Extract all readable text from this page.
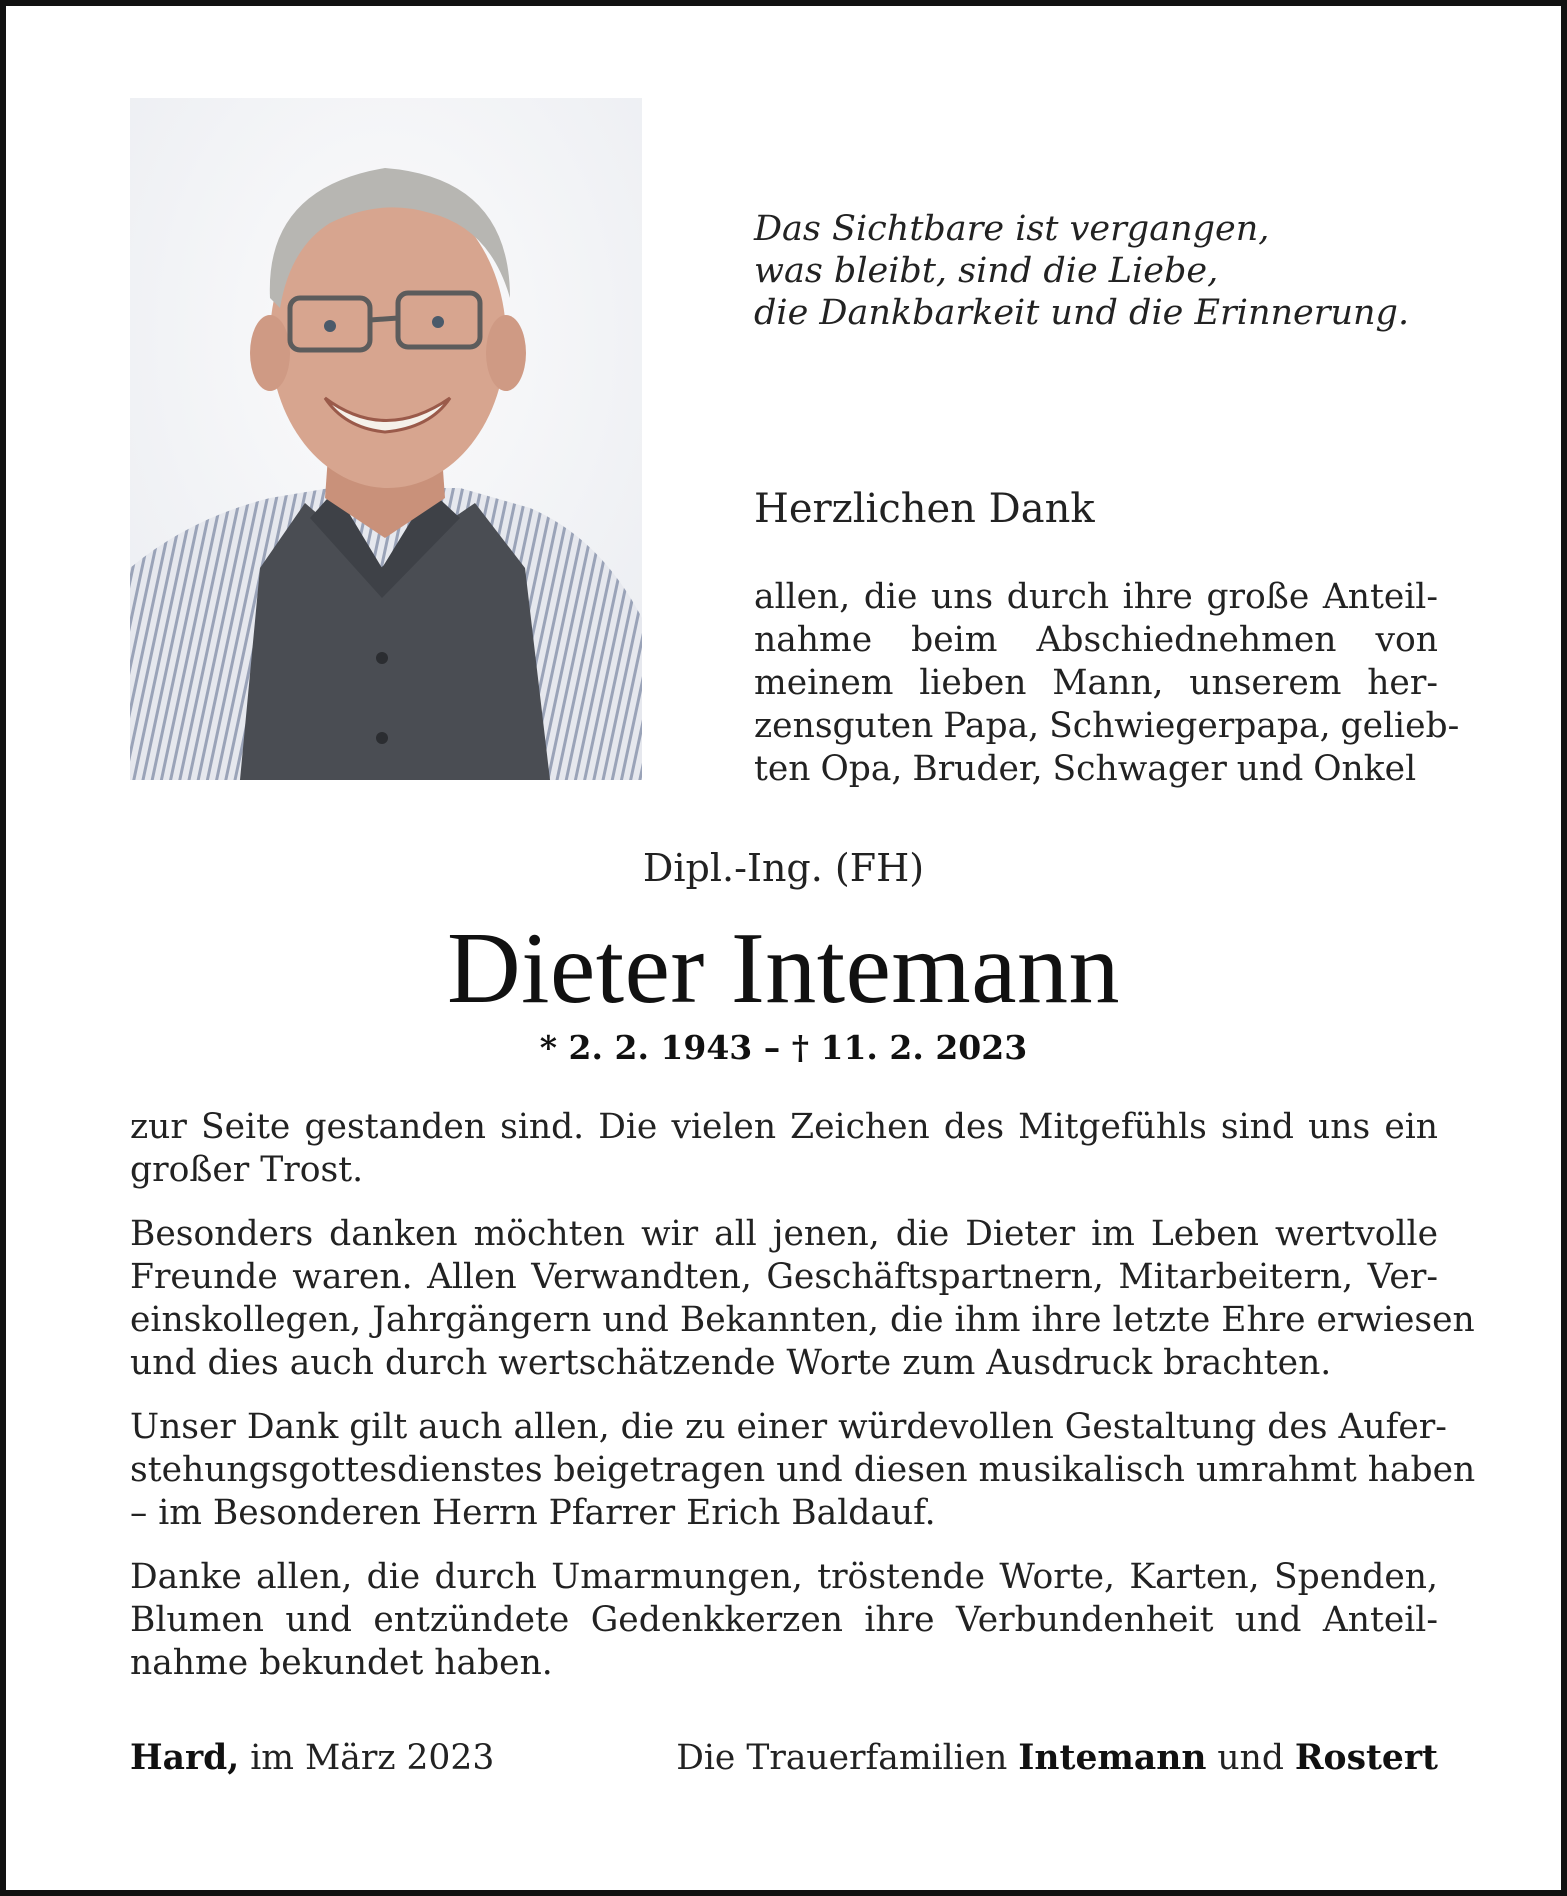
Das Sichtbare ist vergangen,
was bleibt, sind die Liebe,
die Dankbarkeit und die Erinnerung.
Herzlichen Dank
allen, die uns durch ihre große Anteil-
nahme beim Abschiednehmen von
meinem lieben Mann, unserem her-
zensguten Papa, Schwiegerpapa, gelieb-
ten Opa, Bruder, Schwager und Onkel
Dipl.-Ing. (FH)
Dieter Intemann
* 2. 2. 1943 – † 11. 2. 2023

zur Seite gestanden sind. Die vielen Zeichen des Mitgefühls sind uns ein
großer Trost.

Besonders danken möchten wir all jenen, die Dieter im Leben wertvolle
Freunde waren. Allen Verwandten, Geschäftspartnern, Mitarbeitern, Ver-
einskollegen, Jahrgängern und Bekannten, die ihm ihre letzte Ehre erwiesen
und dies auch durch wertschätzende Worte zum Ausdruck brachten.

Unser Dank gilt auch allen, die zu einer würdevollen Gestaltung des Aufer-
stehungsgottesdienstes beigetragen und diesen musikalisch umrahmt haben
– im Besonderen Herrn Pfarrer Erich Baldauf.

Danke allen, die durch Umarmungen, tröstende Worte, Karten, Spenden,
Blumen und entzündete Gedenkkerzen ihre Verbundenheit und Anteil-
nahme bekundet haben.

Hard, im März 2023	Die Trauerfamilien Intemann und Rostert
